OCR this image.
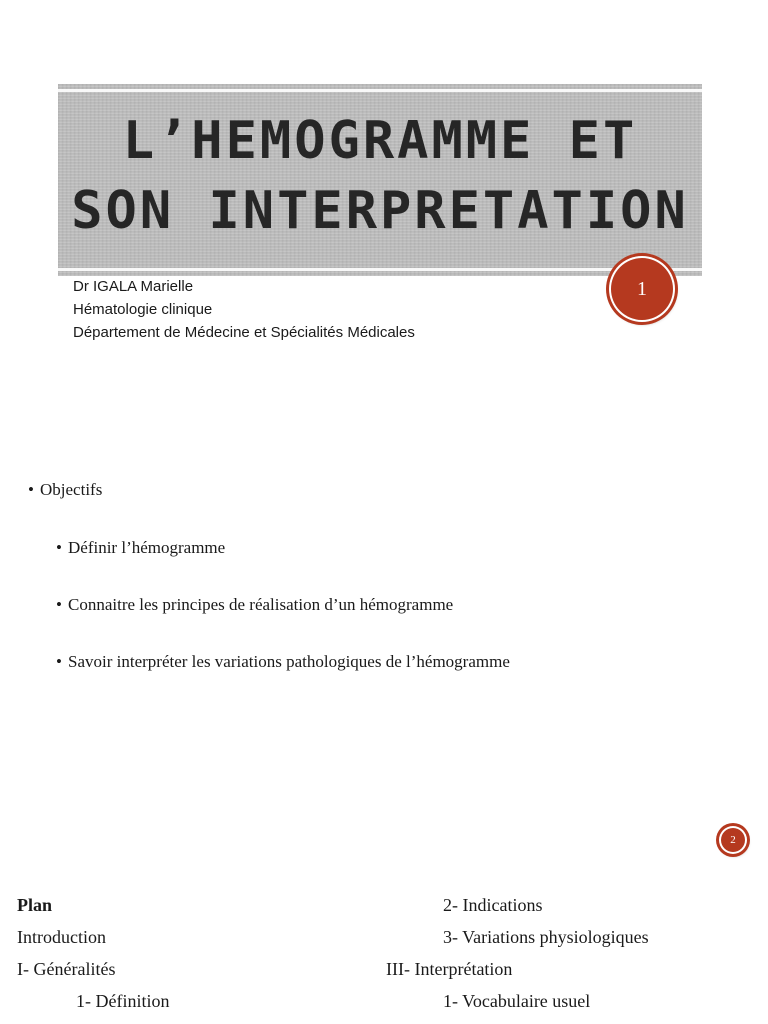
L’HEMOGRAMME ET
SON INTERPRETATION
Dr IGALA Marielle
Hématologie clinique
Département de Médecine et Spécialités Médicales
1
• Objectifs
• Définir l’hémogramme
• Connaitre les principes de réalisation d’un hémogramme
• Savoir interpréter les variations pathologiques de l’hémogramme
2
Plan
Introduction
I- Généralités
1- Définition
2- Indications
3- Variations physiologiques
III- Interprétation
1- Vocabulaire usuel
